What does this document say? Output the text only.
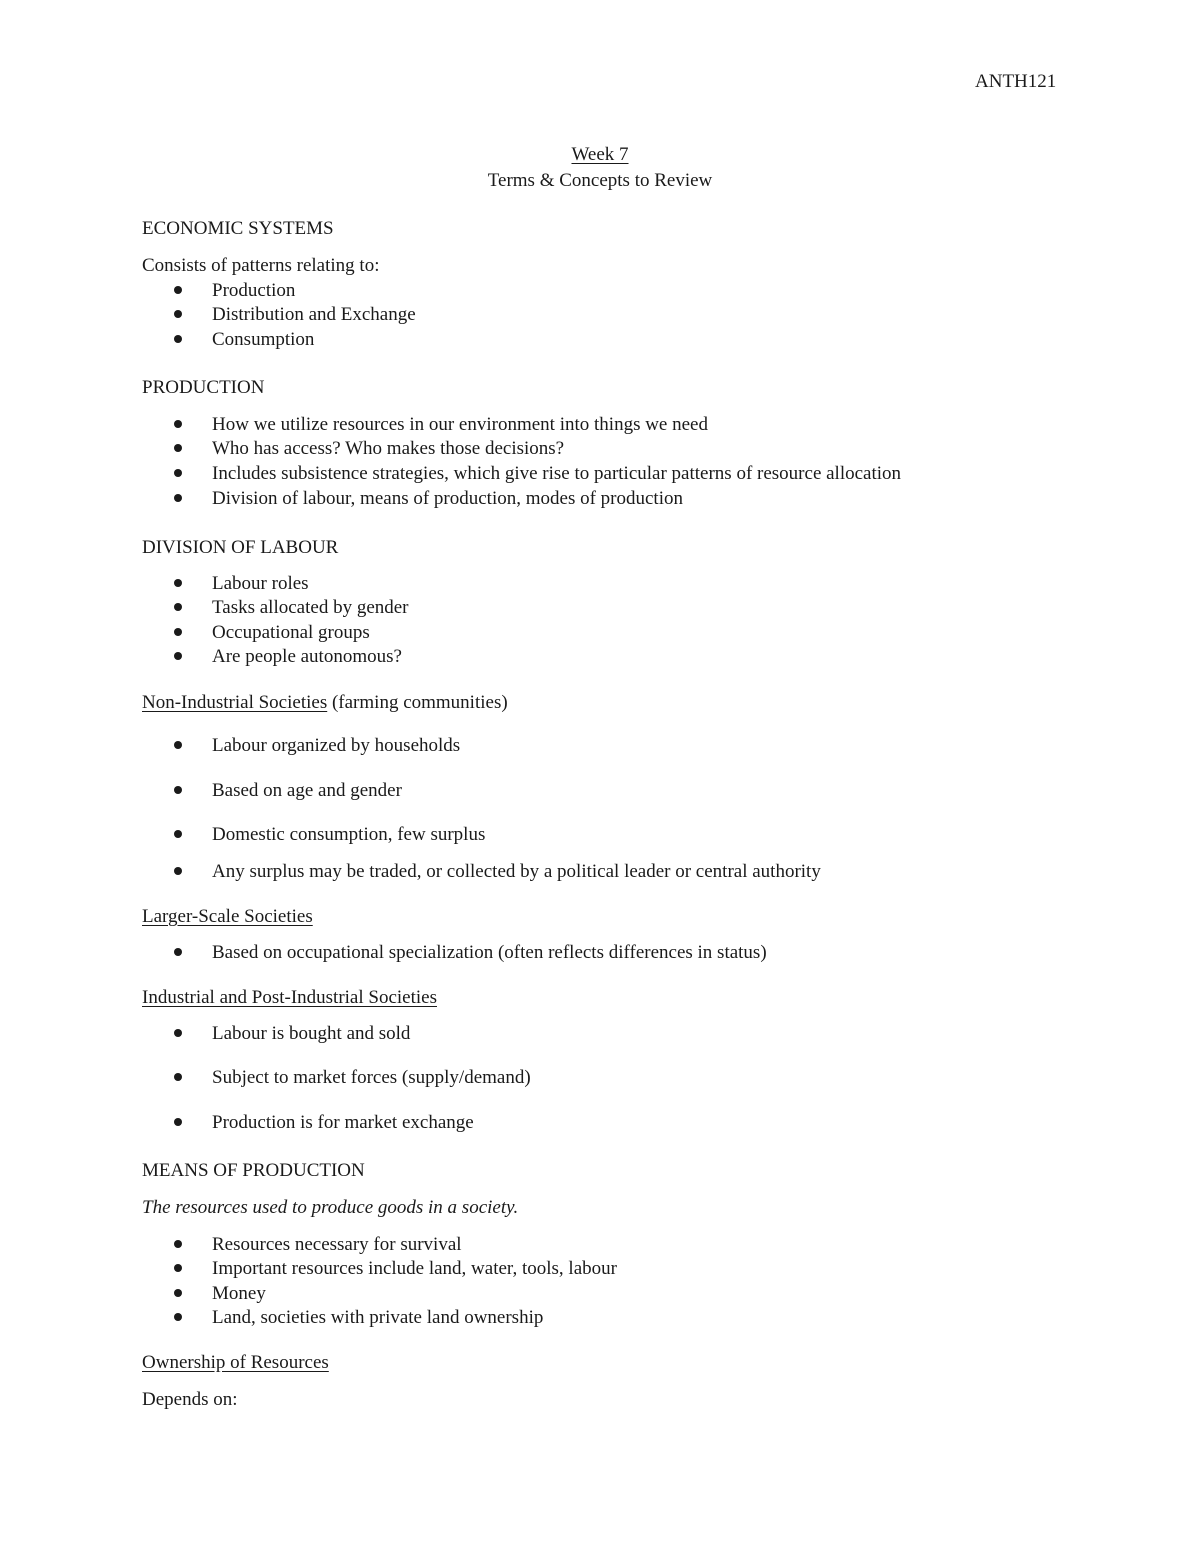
ANTH121
Week 7
Terms & Concepts to Review
ECONOMIC SYSTEMS
Consists of patterns relating to:
Production
Distribution and Exchange
Consumption
PRODUCTION
How we utilize resources in our environment into things we need
Who has access? Who makes those decisions?
Includes subsistence strategies, which give rise to particular patterns of resource allocation
Division of labour, means of production, modes of production
DIVISION OF LABOUR
Labour roles
Tasks allocated by gender
Occupational groups
Are people autonomous?
Non-Industrial Societies (farming communities)
Labour organized by households
Based on age and gender
Domestic consumption, few surplus
Any surplus may be traded, or collected by a political leader or central authority
Larger-Scale Societies
Based on occupational specialization (often reflects differences in status)
Industrial and Post-Industrial Societies
Labour is bought and sold
Subject to market forces (supply/demand)
Production is for market exchange
MEANS OF PRODUCTION
The resources used to produce goods in a society.
Resources necessary for survival
Important resources include land, water, tools, labour
Money
Land, societies with private land ownership
Ownership of Resources
Depends on:
